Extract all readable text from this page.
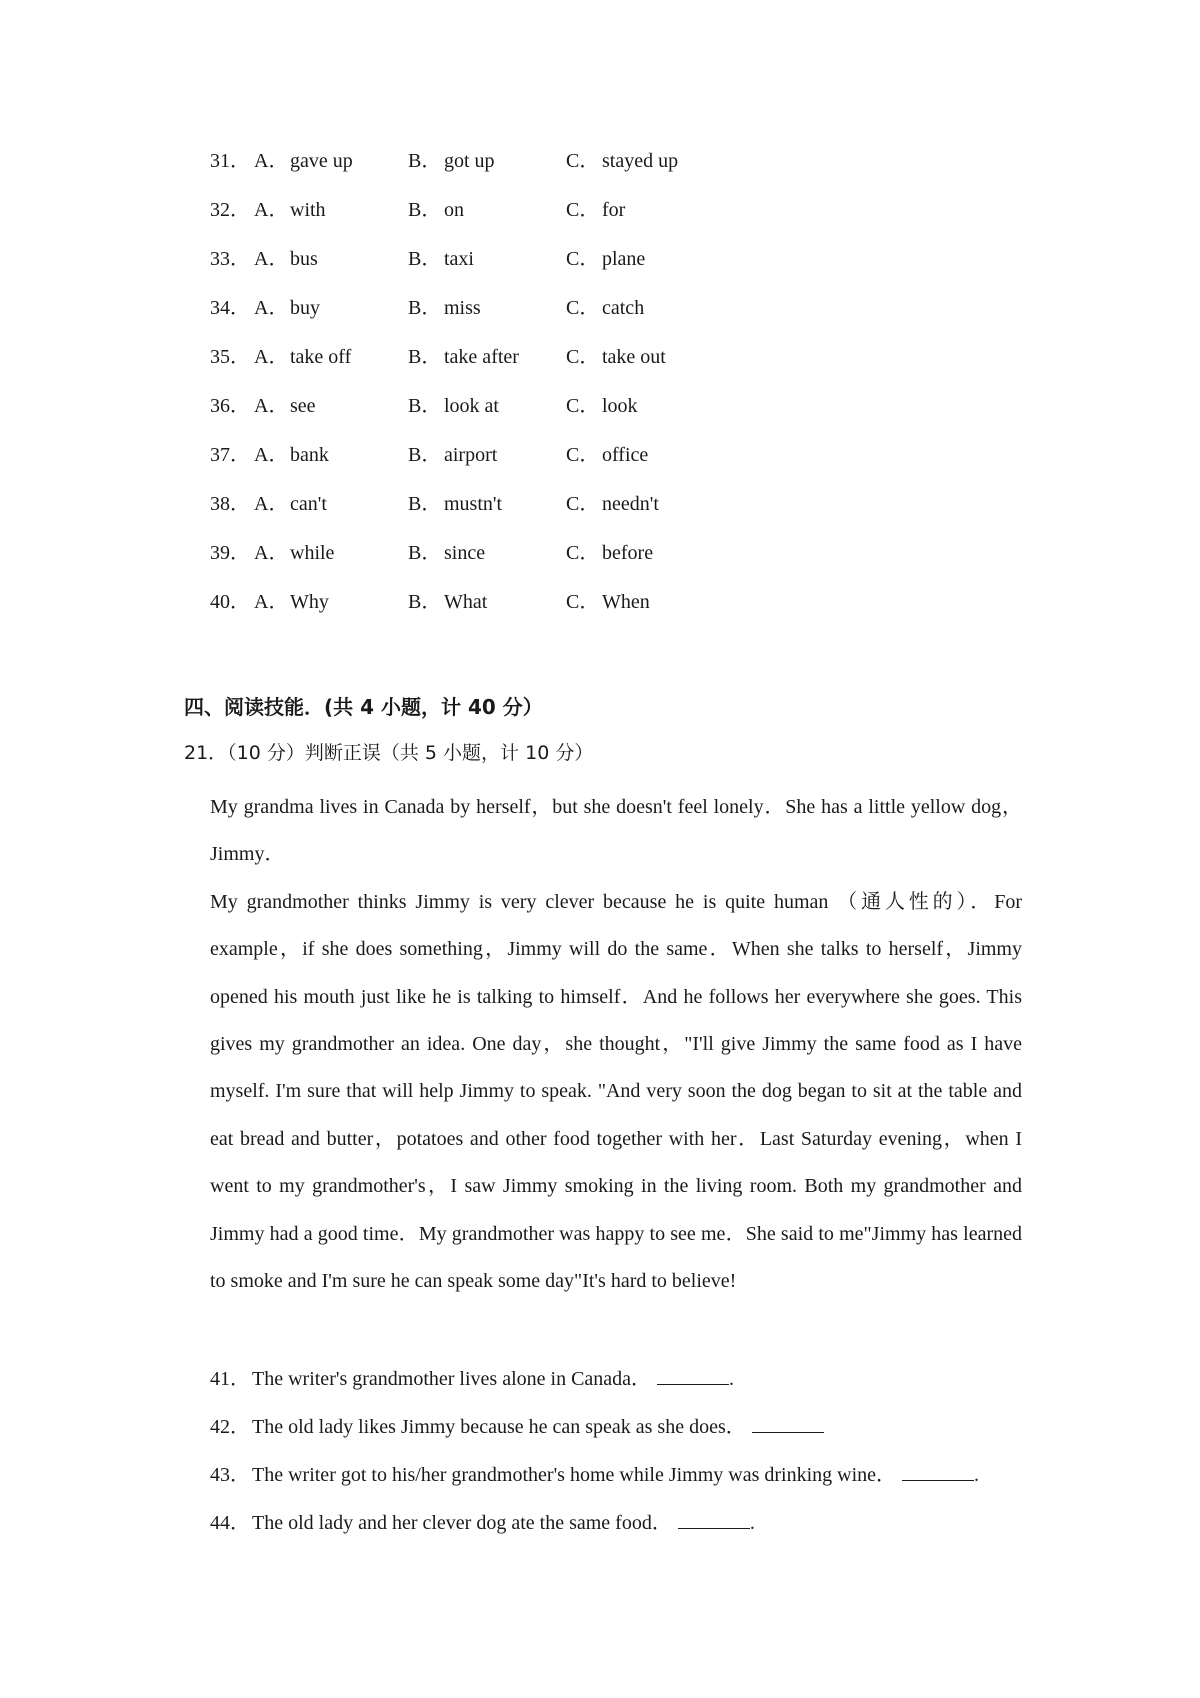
31． A． gave up	B． got up	C． stayed up
32． A． with	B． on	C． for
33． A． bus	B． taxi	C． plane
34． A． buy	B． miss	C． catch
35． A． take off	B． take after C． take out
36． A． see	B． look at	C． look
37． A． bank	B． airport	C． office
38． A． can't	B． mustn't	C． needn't
39． A． while	B． since	C． before
40． A． Why	B． What	C． When
四、阅读技能．(共 4 小题，计 40 分）
21．（10 分）判断正误（共 5 小题，计 10 分）

My grandma lives in Canada by herself，but she doesn't feel lonely．She has a little yellow dog，Jimmy．

My grandmother thinks Jimmy is very clever because he is quite human （通人性的）．For example，if she does something，Jimmy will do the same．When she talks to herself，Jimmy opened his mouth just like he is talking to himself．And he follows her everywhere she goes. This gives my grandmother an idea. One day，she thought，"I'll give Jimmy the same food as I have myself. I'm sure that will help Jimmy to speak. "And very soon the dog began to sit at the table and eat bread and butter，potatoes and other food together with her．Last Saturday evening，when I went to my grandmother's，I saw Jimmy smoking in the living room. Both my grandmother and Jimmy had a good time．My grandmother was happy to see me．She said to me"Jimmy has learned to smoke and I'm sure he can speak some day"It's hard to believe!

41． The writer's grandmother lives alone in Canada．	.
42． The old lady likes Jimmy because he can speak as she does．
43． The writer got to his/her grandmother's home while Jimmy was drinking wine．	.
44． The old lady and her clever dog ate the same food．	.
